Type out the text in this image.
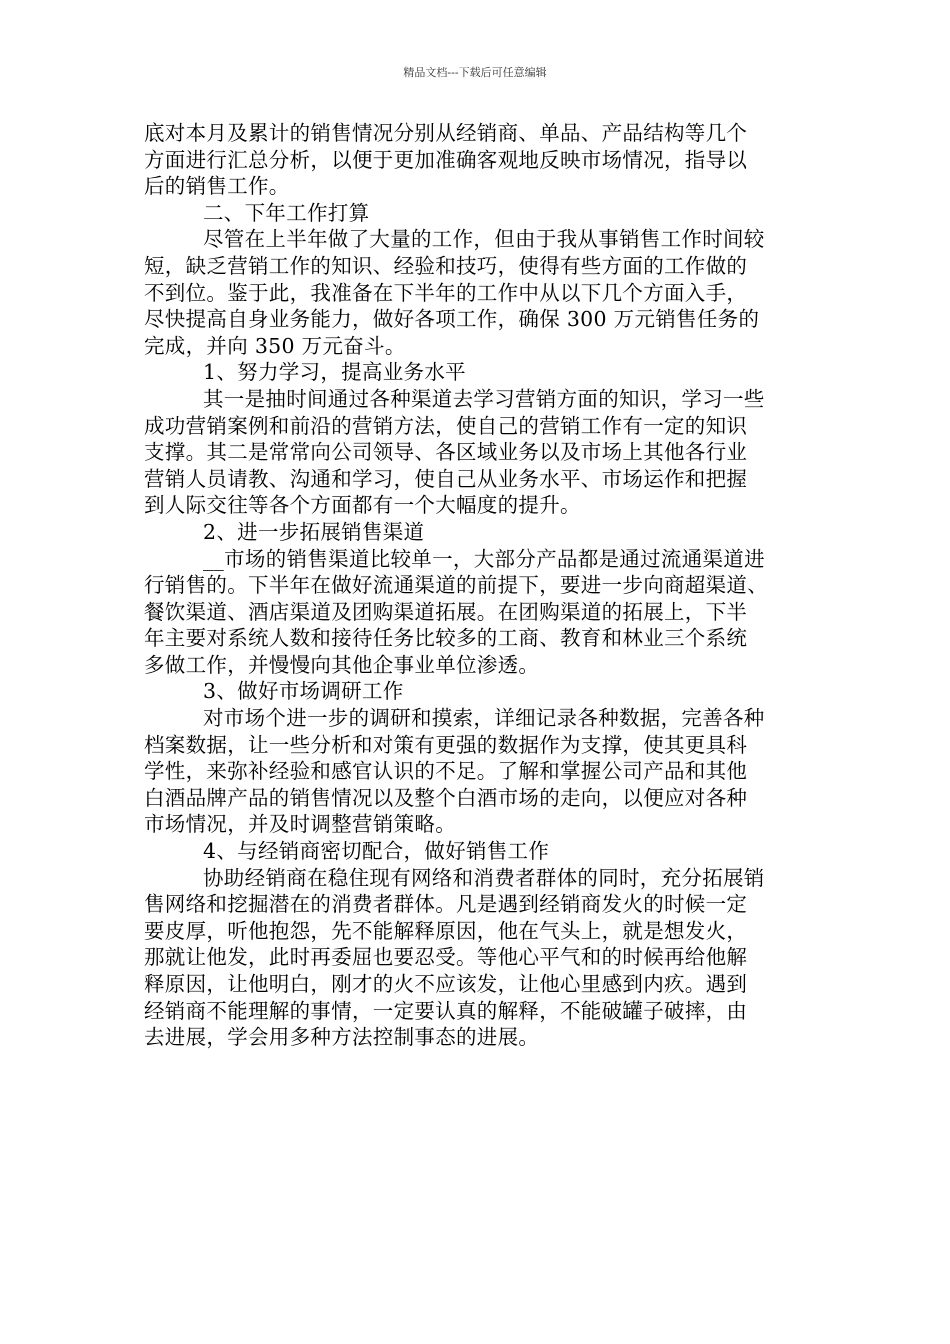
精品文档---下载后可任意编辑

底对本月及累计的销售情况分别从经销商、单品、产品结构等几个

方面进行汇总分析，以便于更加准确客观地反映市场情况，指导以

后的销售工作。

二、下年工作打算

尽管在上半年做了大量的工作，但由于我从事销售工作时间较

短，缺乏营销工作的知识、经验和技巧，使得有些方面的工作做的

不到位。鉴于此，我准备在下半年的工作中从以下几个方面入手，

尽快提高自身业务能力，做好各项工作，确保 300 万元销售任务的

完成，并向 350 万元奋斗。

1、努力学习，提高业务水平

其一是抽时间通过各种渠道去学习营销方面的知识，学习一些

成功营销案例和前沿的营销方法，使自己的营销工作有一定的知识

支撑。其二是常常向公司领导、各区域业务以及市场上其他各行业

营销人员请教、沟通和学习，使自己从业务水平、市场运作和把握

到人际交往等各个方面都有一个大幅度的提升。

2、进一步拓展销售渠道

__市场的销售渠道比较单一，大部分产品都是通过流通渠道进

行销售的。下半年在做好流通渠道的前提下，要进一步向商超渠道、

餐饮渠道、酒店渠道及团购渠道拓展。在团购渠道的拓展上，下半

年主要对系统人数和接待任务比较多的工商、教育和林业三个系统

多做工作，并慢慢向其他企事业单位渗透。

3、做好市场调研工作

对市场个进一步的调研和摸索，详细记录各种数据，完善各种

档案数据，让一些分析和对策有更强的数据作为支撑，使其更具科

学性，来弥补经验和感官认识的不足。了解和掌握公司产品和其他

白酒品牌产品的销售情况以及整个白酒市场的走向，以便应对各种

市场情况，并及时调整营销策略。

4、与经销商密切配合，做好销售工作

协助经销商在稳住现有网络和消费者群体的同时，充分拓展销

售网络和挖掘潜在的消费者群体。凡是遇到经销商发火的时候一定

要皮厚，听他抱怨，先不能解释原因，他在气头上，就是想发火，

那就让他发，此时再委屈也要忍受。等他心平气和的时候再给他解

释原因，让他明白，刚才的火不应该发，让他心里感到内疚。遇到

经销商不能理解的事情，一定要认真的解释，不能破罐子破摔，由

去进展，学会用多种方法控制事态的进展。
